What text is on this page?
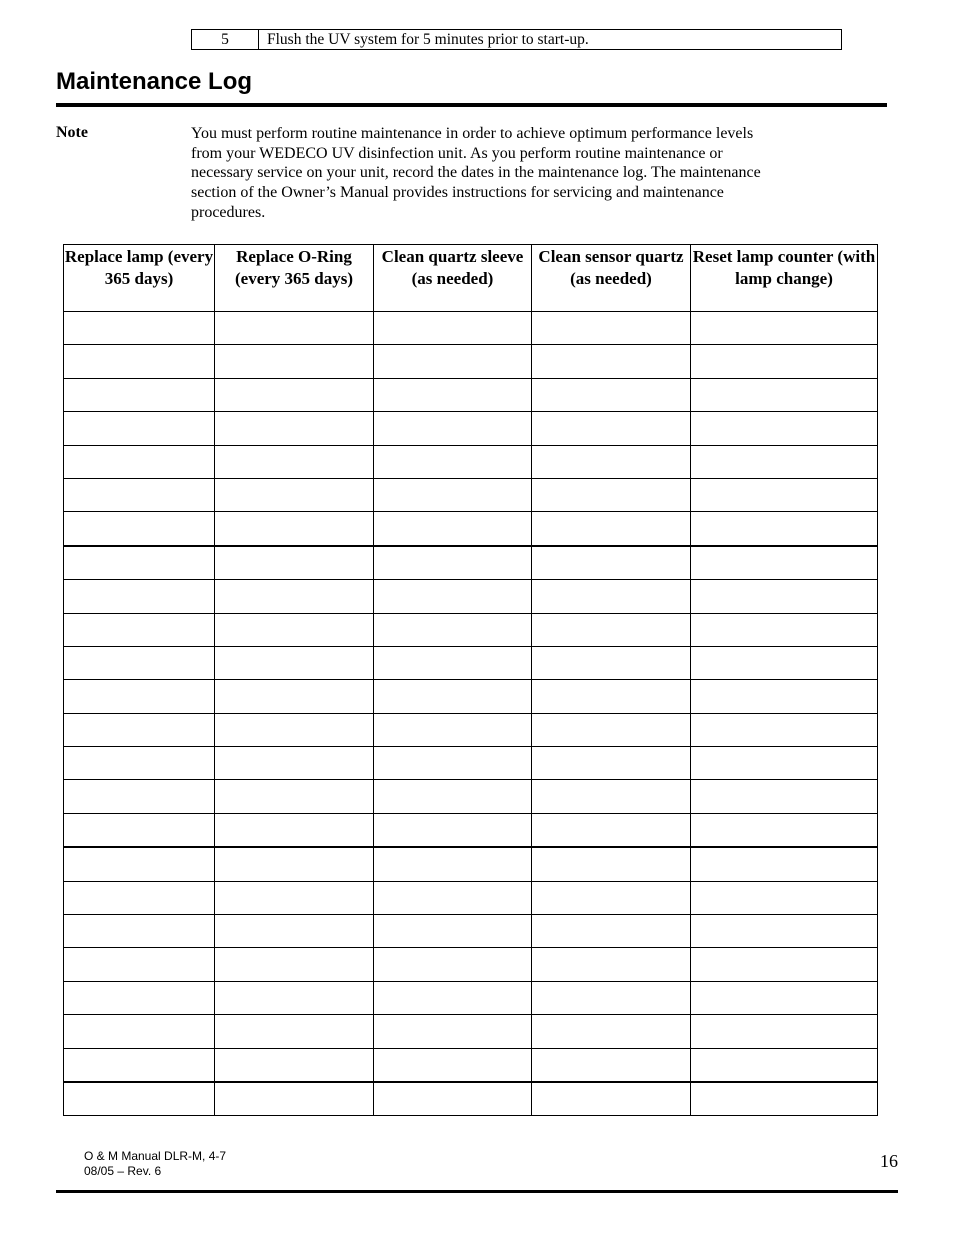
5	Flush the UV system for 5 minutes prior to start-up.
Maintenance Log
Note	You must perform routine maintenance in order to achieve optimum performance levels from your WEDECO UV disinfection unit. As you perform routine maintenance or necessary service on your unit, record the dates in the maintenance log. The maintenance section of the Owner’s Manual provides instructions for servicing and maintenance procedures.
Replace lamp (every 365 days)	Replace O-Ring (every 365 days)	Clean quartz sleeve (as needed)	Clean sensor quartz (as needed)	Reset lamp counter (with lamp change)

O & M Manual DLR-M, 4-7
08/05 – Rev. 6	16
